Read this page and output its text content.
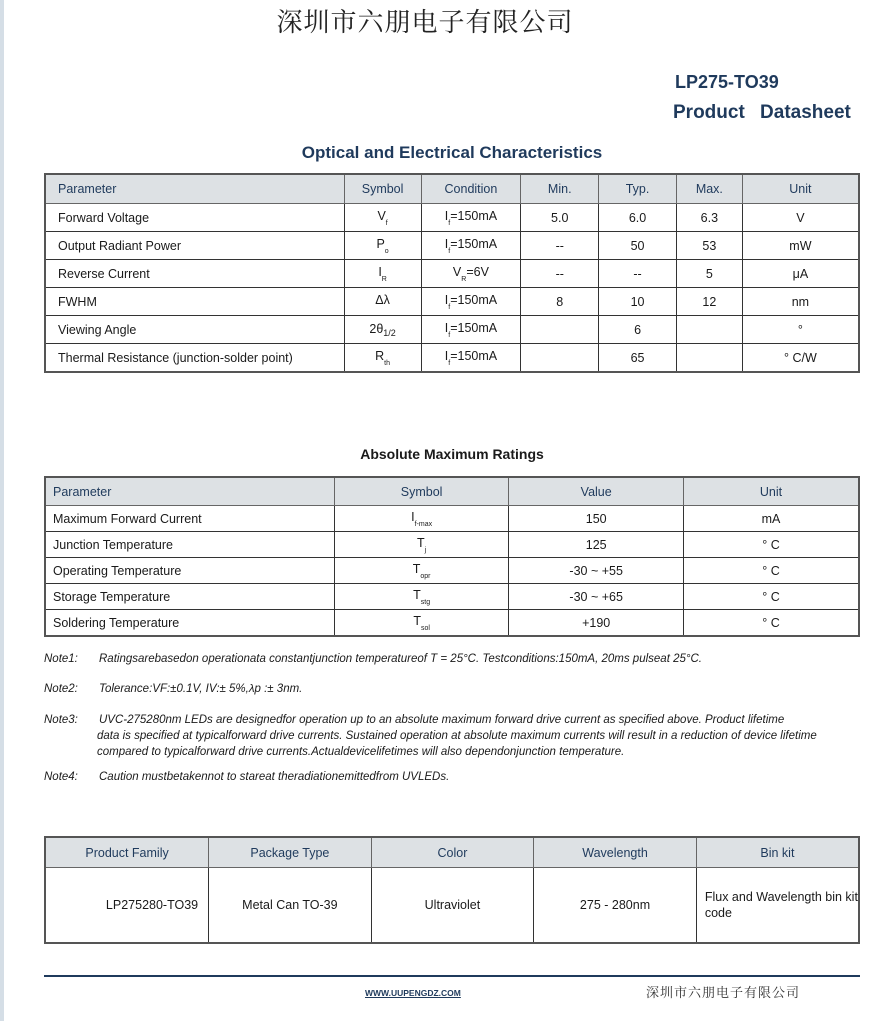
深圳市六朋电子有限公司
LP275-TO39
Product Datasheet
Optical and Electrical Characteristics
Parameter	Symbol	Condition	Min.	Typ.	Max.	Unit
Forward Voltage	$V_f$	$I_f=150mA$	5.0	6.0	6.3	V
Output Radiant Power	$P_o$	$I_f=150mA$	--	50	53	mW
Reverse Current	$I_R$	$V_R=6V$	--	--	5	μA
FWHM	Δλ	$I_f=150mA$	8	10	12	nm
Viewing Angle	$2\theta_{1/2}$	$I_f=150mA$		6		°
Thermal Resistance (junction-solder point)	$R_{th}$	$I_f=150mA$		65		° C/W
Absolute Maximum Ratings
Parameter	Symbol	Value	Unit
Maximum Forward Current	$I_{f-max}$	150	mA
Junction Temperature	$T_j$	125	° C
Operating Temperature	$T_{opr}$	-30 ~ +55	° C
Storage Temperature	$T_{stg}$	-30 ~ +65	° C
Soldering Temperature	$T_{sol}$	+190	° C
Note1: Ratingsarebasedon operationata constantjunction temperatureof T = 25°C. Testconditions:150mA, 20ms pulseat 25°C.
Note2: Tolerance:VF:±0.1V, IV:± 5%,λp :± 3nm.
Note3: UVC-275280nm LEDs are designedfor operation up to an absolute maximum forward drive current as specified above. Product lifetime
data is specified at typicalforward drive currents. Sustained operation at absolute maximum currents will result in a reduction of device lifetime
compared to typicalforward drive currents.Actualdevicelifetimes will also dependonjunction temperature.
Note4: Caution mustbetakennot to stareat theradiationemittedfrom UVLEDs.
Product Family	Package Type	Color	Wavelength	Bin kit
LP275280-TO39	Metal Can TO-39	Ultraviolet	275 - 280nm	Flux and Wavelength bin kit code
WWW.UUPENGDZ.COM	深圳市六朋电子有限公司
